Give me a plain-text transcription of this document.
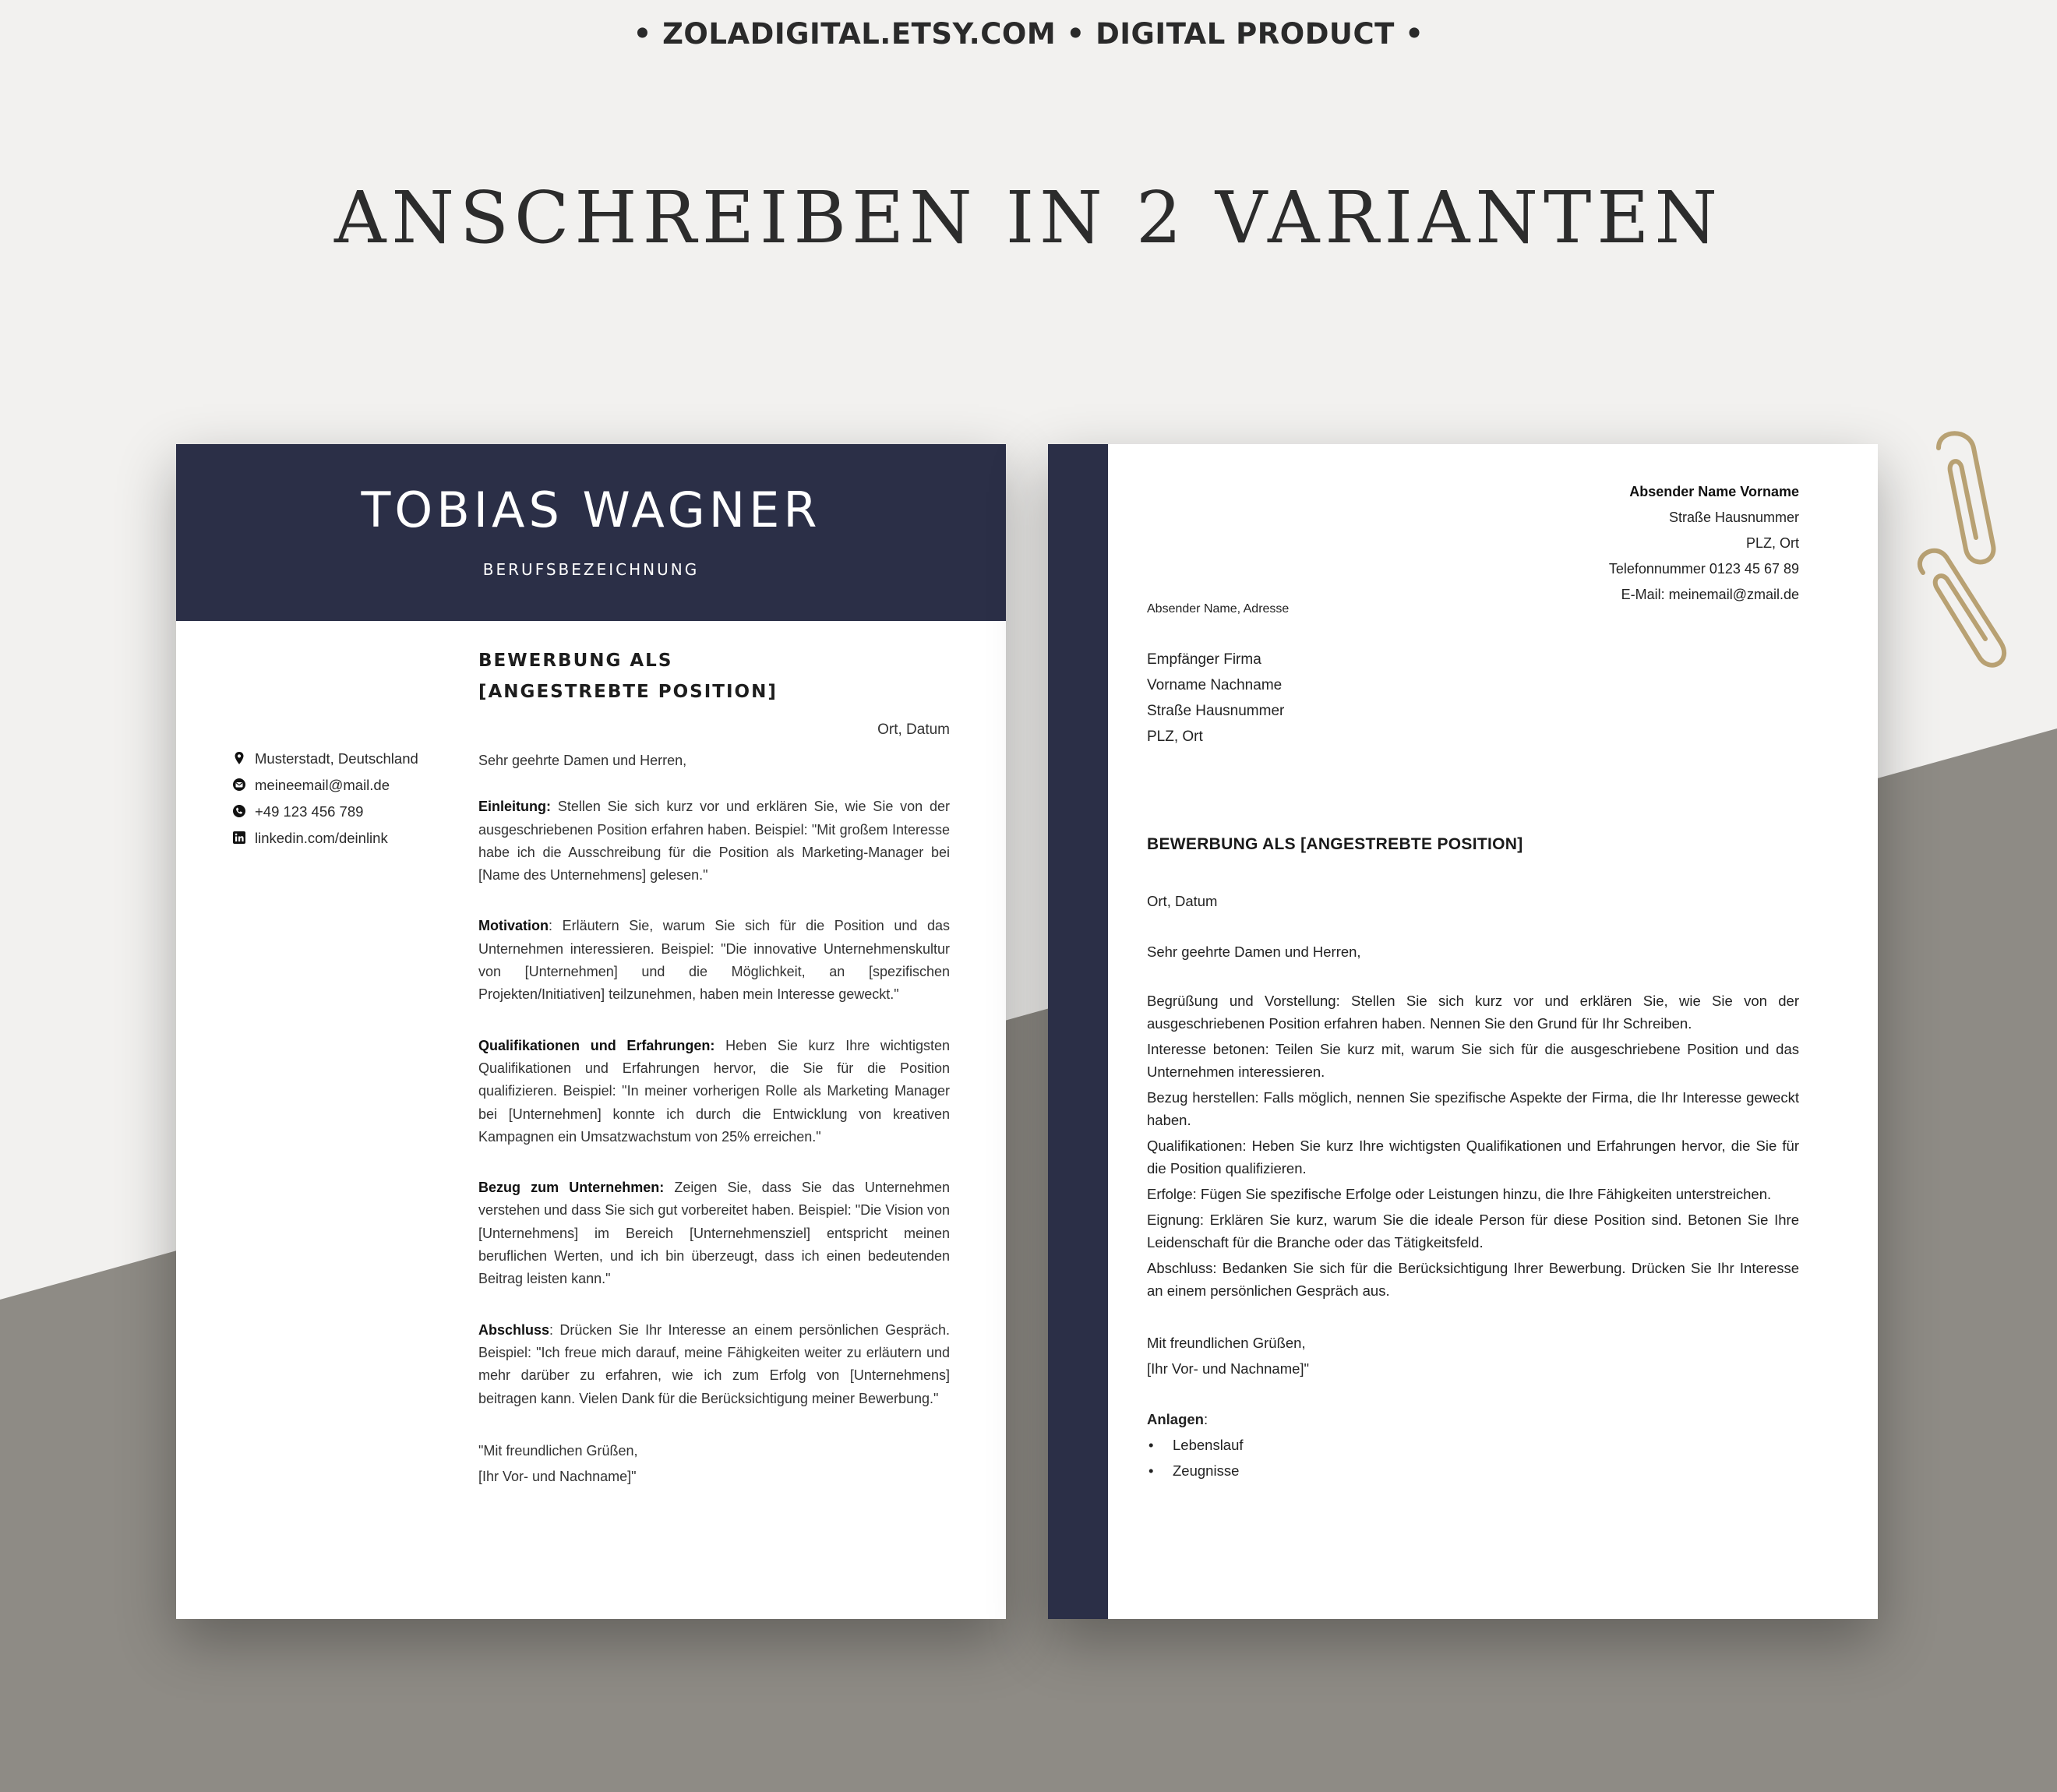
• ZOLADIGITAL.ETSY.COM • DIGITAL PRODUCT •
ANSCHREIBEN IN 2 VARIANTEN
TOBIAS WAGNER
BERUFSBEZEICHNUNG
BEWERBUNG ALS
[ANGESTREBTE POSITION]
Ort, Datum
Musterstadt, Deutschland
meineemail@mail.de
+49 123 456 789
linkedin.com/deinlink

Sehr geehrte Damen und Herren,

Einleitung: Stellen Sie sich kurz vor und erklären Sie, wie Sie von der ausgeschriebenen Position erfahren haben. Beispiel: "Mit großem Interesse habe ich die Ausschreibung für die Position als Marketing-Manager bei [Name des Unternehmens] gelesen."

Motivation: Erläutern Sie, warum Sie sich für die Position und das Unternehmen interessieren. Beispiel: "Die innovative Unternehmenskultur von [Unternehmen] und die Möglichkeit, an [spezifischen Projekten/Initiativen] teilzunehmen, haben mein Interesse geweckt."

Qualifikationen und Erfahrungen: Heben Sie kurz Ihre wichtigsten Qualifikationen und Erfahrungen hervor, die Sie für die Position qualifizieren. Beispiel: "In meiner vorherigen Rolle als Marketing Manager bei [Unternehmen] konnte ich durch die Entwicklung von kreativen Kampagnen ein Umsatzwachstum von 25% erreichen."

Bezug zum Unternehmen: Zeigen Sie, dass Sie das Unternehmen verstehen und dass Sie sich gut vorbereitet haben. Beispiel: "Die Vision von [Unternehmens] im Bereich [Unternehmensziel] entspricht meinen beruflichen Werten, und ich bin überzeugt, dass ich einen bedeutenden Beitrag leisten kann."

Abschluss: Drücken Sie Ihr Interesse an einem persönlichen Gespräch. Beispiel: "Ich freue mich darauf, meine Fähigkeiten weiter zu erläutern und mehr darüber zu erfahren, wie ich zum Erfolg von [Unternehmens] beitragen kann. Vielen Dank für die Berücksichtigung meiner Bewerbung."

"Mit freundlichen Grüßen,
[Ihr Vor- und Nachname]"
Absender Name Vorname
Straße Hausnummer
PLZ, Ort
Telefonnummer 0123 45 67 89
E-Mail: meinemail@zmail.de
Absender Name, Adresse
Empfänger Firma
Vorname Nachname
Straße Hausnummer
PLZ, Ort
BEWERBUNG ALS [ANGESTREBTE POSITION]
Ort, Datum
Sehr geehrte Damen und Herren,

Begrüßung und Vorstellung: Stellen Sie sich kurz vor und erklären Sie, wie Sie von der ausgeschriebenen Position erfahren haben. Nennen Sie den Grund für Ihr Schreiben.

Interesse betonen: Teilen Sie kurz mit, warum Sie sich für die ausgeschriebene Position und das Unternehmen interessieren.

Bezug herstellen: Falls möglich, nennen Sie spezifische Aspekte der Firma, die Ihr Interesse geweckt haben.

Qualifikationen: Heben Sie kurz Ihre wichtigsten Qualifikationen und Erfahrungen hervor, die Sie für die Position qualifizieren.

Erfolge: Fügen Sie spezifische Erfolge oder Leistungen hinzu, die Ihre Fähigkeiten unterstreichen.

Eignung: Erklären Sie kurz, warum Sie die ideale Person für diese Position sind. Betonen Sie Ihre Leidenschaft für die Branche oder das Tätigkeitsfeld.

Abschluss: Bedanken Sie sich für die Berücksichtigung Ihrer Bewerbung. Drücken Sie Ihr Interesse an einem persönlichen Gespräch aus.

Mit freundlichen Grüßen,
[Ihr Vor- und Nachname]"
Anlagen:
• Lebenslauf
• Zeugnisse
